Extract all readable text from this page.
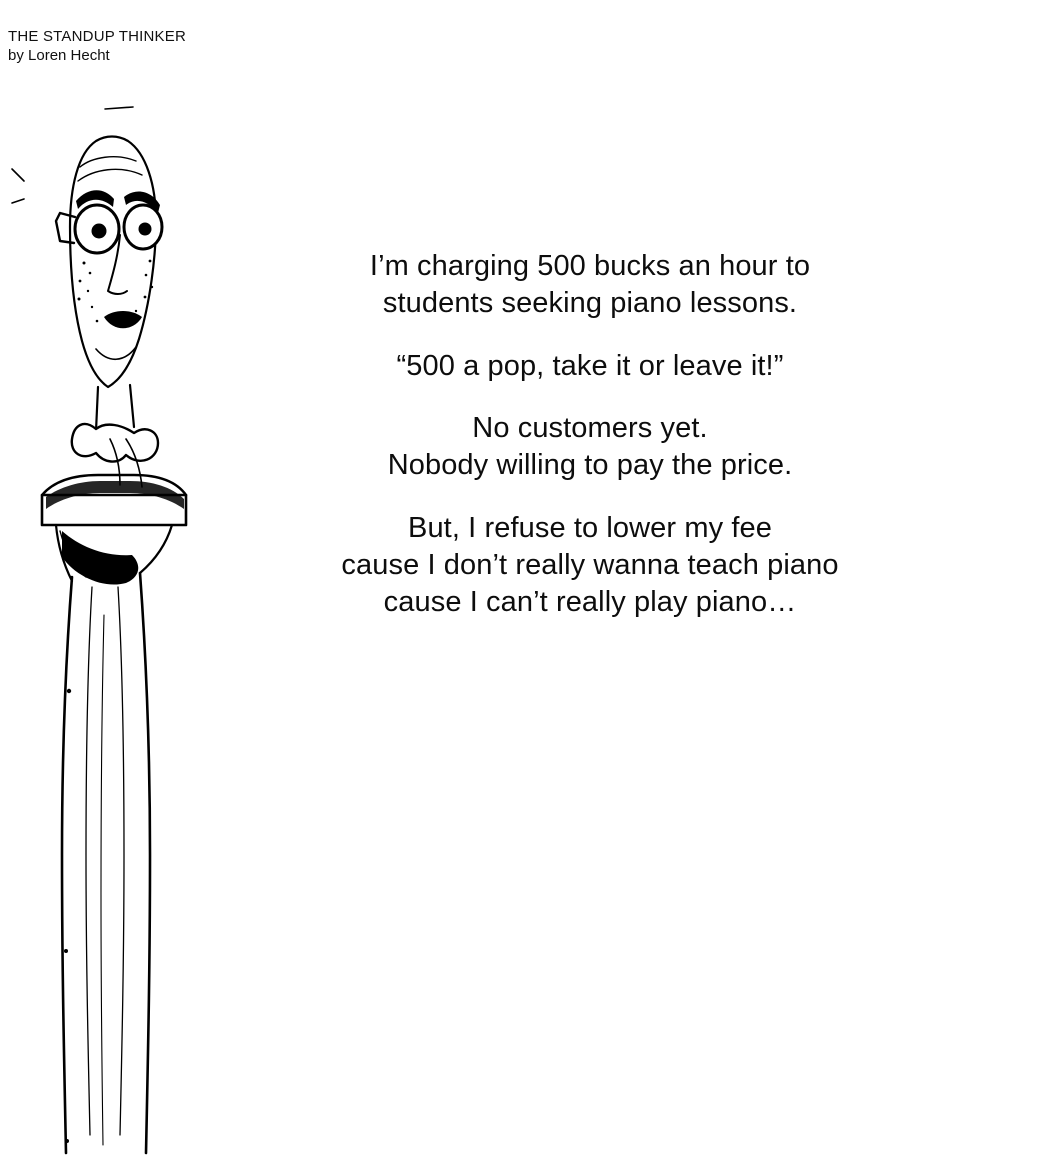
THE STANDUP THINKER
by Loren Hecht

I’m charging 500 bucks an hour to
students seeking piano lessons.

“500 a pop, take it or leave it!”

No customers yet.
Nobody willing to pay the price.

But, I refuse to lower my fee
cause I don’t really wanna teach piano
cause I can’t really play piano…
